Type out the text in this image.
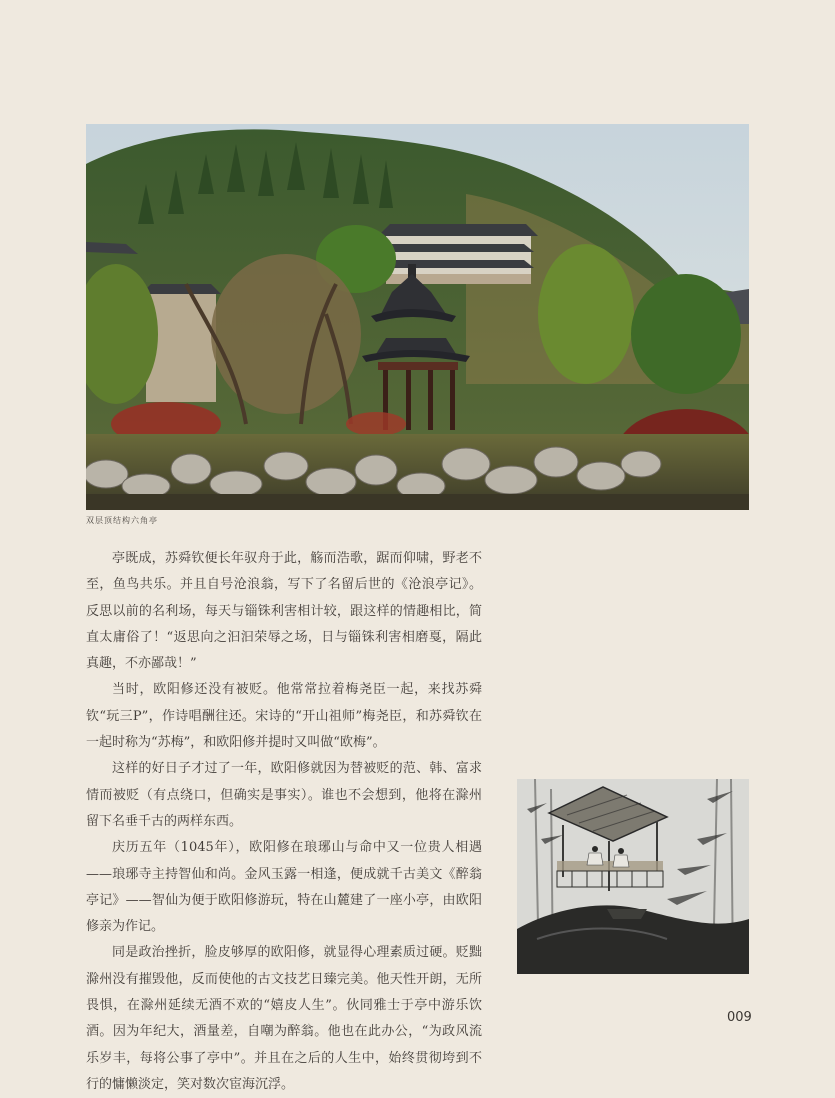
双层顶结构六角亭

亭既成，苏舜钦便长年驭舟于此，觞而浩歌，踞而仰啸，野老不至，鱼鸟共乐。并且自号沧浪翁，写下了名留后世的《沧浪亭记》。反思以前的名利场，每天与锱铢利害相计较，跟这样的情趣相比，简直太庸俗了！“返思向之汩汩荣辱之场，日与锱铢利害相磨戛，隔此真趣，不亦鄙哉！”

当时，欧阳修还没有被贬。他常常拉着梅尧臣一起，来找苏舜钦“玩三P”，作诗唱酬往还。宋诗的“开山祖师”梅尧臣，和苏舜钦在一起时称为“苏梅”，和欧阳修并提时又叫做“欧梅”。

这样的好日子才过了一年，欧阳修就因为替被贬的范、韩、富求情而被贬（有点绕口，但确实是事实）。谁也不会想到，他将在滁州留下名垂千古的两样东西。

庆历五年（1045年），欧阳修在琅琊山与命中又一位贵人相遇——琅琊寺主持智仙和尚。金风玉露一相逢，便成就千古美文《醉翁亭记》——智仙为便于欧阳修游玩，特在山麓建了一座小亭，由欧阳修亲为作记。

同是政治挫折，脸皮够厚的欧阳修，就显得心理素质过硬。贬黜滁州没有摧毁他，反而使他的古文技艺日臻完美。他天性开朗，无所畏惧，在滁州延续无酒不欢的“嬉皮人生”。伙同雅士于亭中游乐饮酒。因为年纪大，酒量差，自嘲为醉翁。他也在此办公，“为政风流乐岁丰，每将公事了亭中”。并且在之后的人生中，始终贯彻垮到不行的慵懒淡定，笑对数次宦海沉浮。

009
